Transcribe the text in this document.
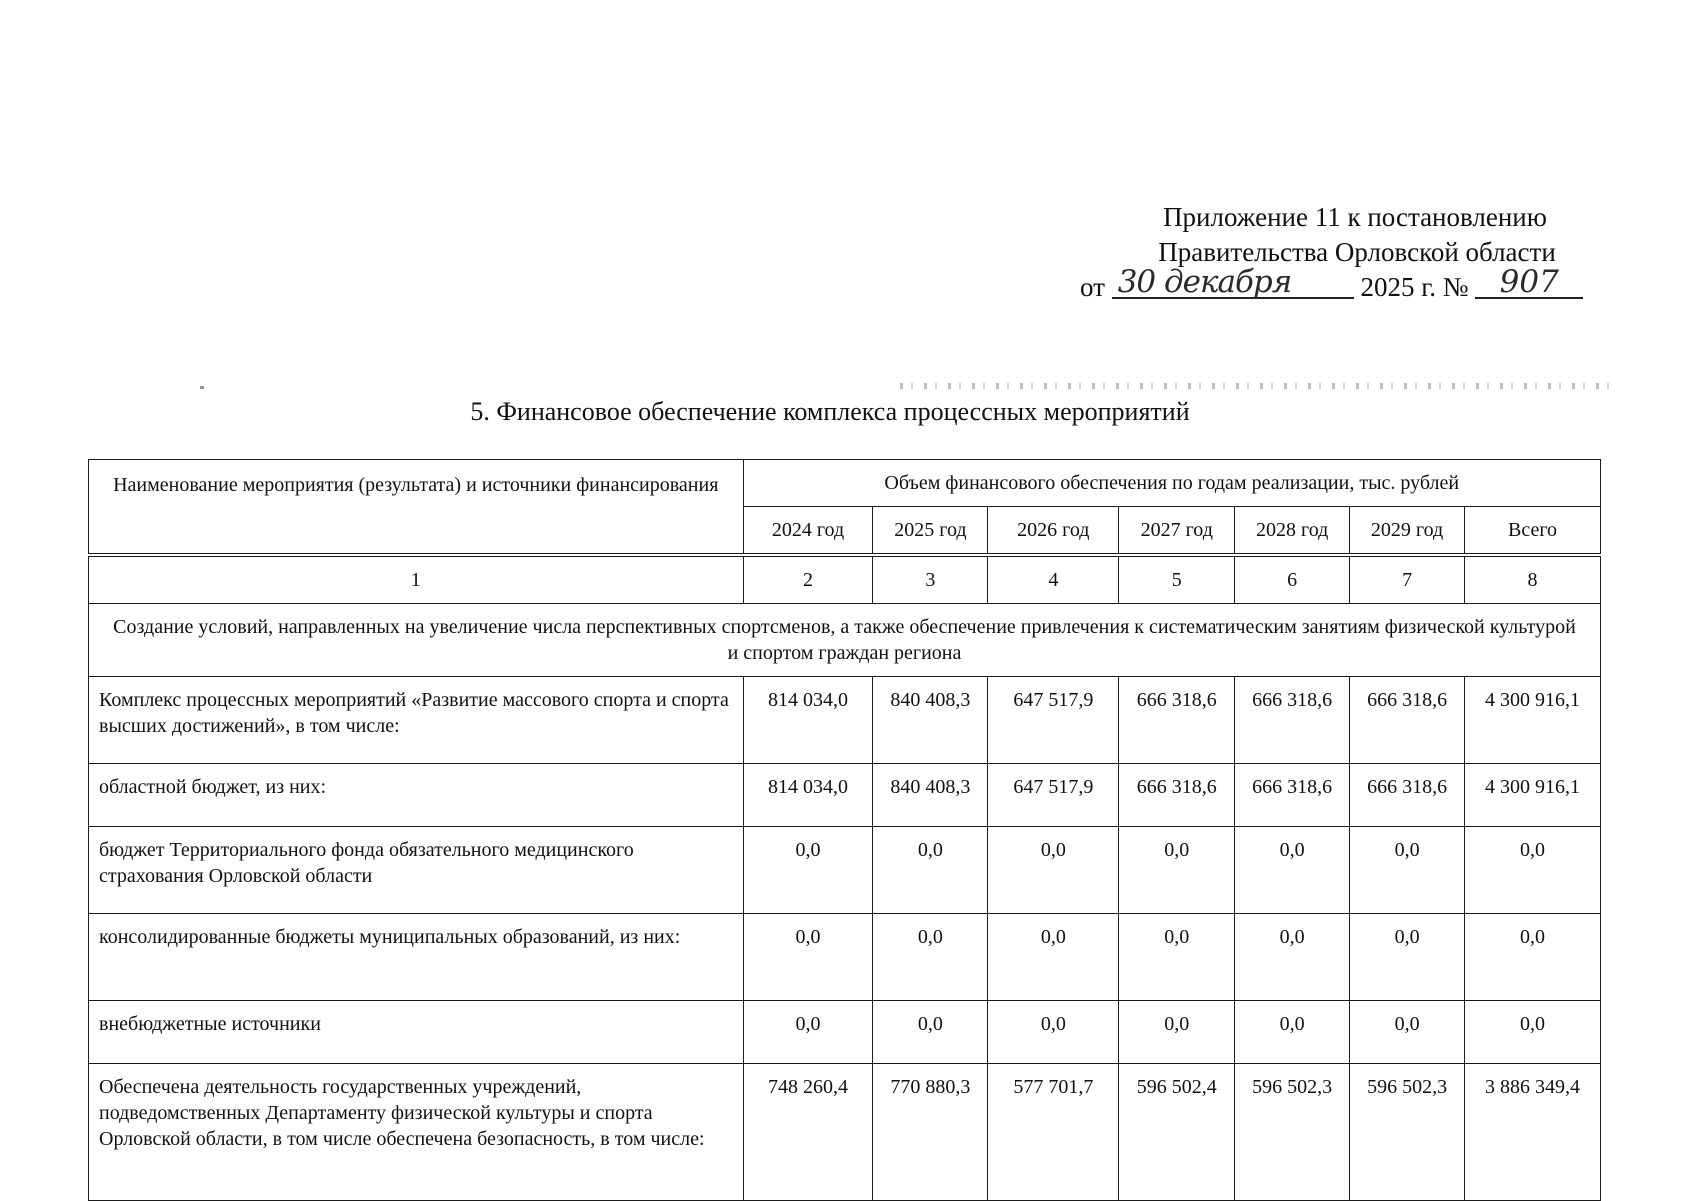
Приложение 11 к постановлению
Правительства Орловской области
от 30 декабря	2025 г. № 907
5. Финансовое обеспечение комплекса процессных мероприятий
Наименование мероприятия (результата) и источники финансирования	Объем финансового обеспечения по годам реализации, тыс. рублей						
	2024 год	2025 год	2026 год	2027 год	2028 год	2029 год	Всего
1	2	3	4	5	6	7	8
Создание условий, направленных на увеличение числа перспективных спортсменов, а также обеспечение привлечения к систематическим занятиям физической культурой и спортом граждан региона							
Комплекс процессных мероприятий «Развитие массового спорта и спорта высших достижений», в том числе:	814 034,0	840 408,3	647 517,9	666 318,6	666 318,6	666 318,6	4 300 916,1
областной бюджет, из них:	814 034,0	840 408,3	647 517,9	666 318,6	666 318,6	666 318,6	4 300 916,1
бюджет Территориального фонда обязательного медицинского страхования Орловской области	0,0	0,0	0,0	0,0	0,0	0,0	0,0
консолидированные бюджеты муниципальных образований, из них:	0,0	0,0	0,0	0,0	0,0	0,0	0,0
внебюджетные источники	0,0	0,0	0,0	0,0	0,0	0,0	0,0
Обеспечена деятельность государственных учреждений, подведомственных Департаменту физической культуры и спорта Орловской области, в том числе обеспечена безопасность, в том числе:	748 260,4	770 880,3	577 701,7	596 502,4	596 502,3	596 502,3	3 886 349,4
